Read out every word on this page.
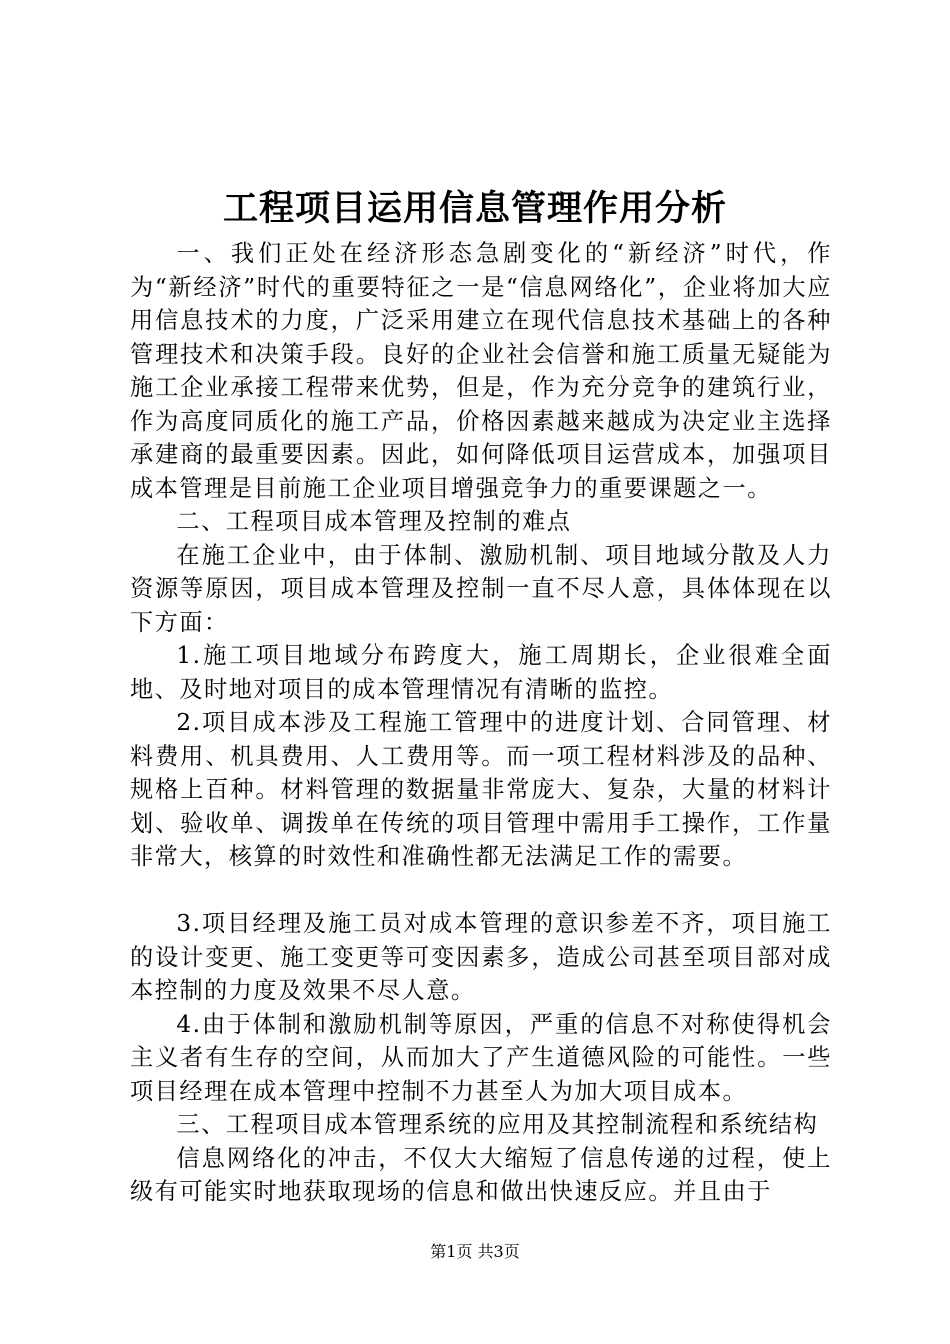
工程项目运用信息管理作用分析

一、我们正处在经济形态急剧变化的“新经济”时代，作为“新经济”时代的重要特征之一是“信息网络化”，企业将加大应用信息技术的力度，广泛采用建立在现代信息技术基础上的各种管理技术和决策手段。良好的企业社会信誉和施工质量无疑能为施工企业承接工程带来优势，但是，作为充分竞争的建筑行业，作为高度同质化的施工产品，价格因素越来越成为决定业主选择承建商的最重要因素。因此，如何降低项目运营成本，加强项目成本管理是目前施工企业项目增强竞争力的重要课题之一。

二、工程项目成本管理及控制的难点

在施工企业中，由于体制、激励机制、项目地域分散及人力资源等原因，项目成本管理及控制一直不尽人意，具体体现在以下方面：

1.施工项目地域分布跨度大，施工周期长，企业很难全面地、及时地对项目的成本管理情况有清晰的监控。

2.项目成本涉及工程施工管理中的进度计划、合同管理、材料费用、机具费用、人工费用等。而一项工程材料涉及的品种、规格上百种。材料管理的数据量非常庞大、复杂，大量的材料计划、验收单、调拨单在传统的项目管理中需用手工操作，工作量非常大，核算的时效性和准确性都无法满足工作的需要。

3.项目经理及施工员对成本管理的意识参差不齐，项目施工的设计变更、施工变更等可变因素多，造成公司甚至项目部对成本控制的力度及效果不尽人意。

4.由于体制和激励机制等原因，严重的信息不对称使得机会主义者有生存的空间，从而加大了产生道德风险的可能性。一些项目经理在成本管理中控制不力甚至人为加大项目成本。

三、工程项目成本管理系统的应用及其控制流程和系统结构

信息网络化的冲击，不仅大大缩短了信息传递的过程，使上级有可能实时地获取现场的信息和做出快速反应。并且由于

第1页 共3页
